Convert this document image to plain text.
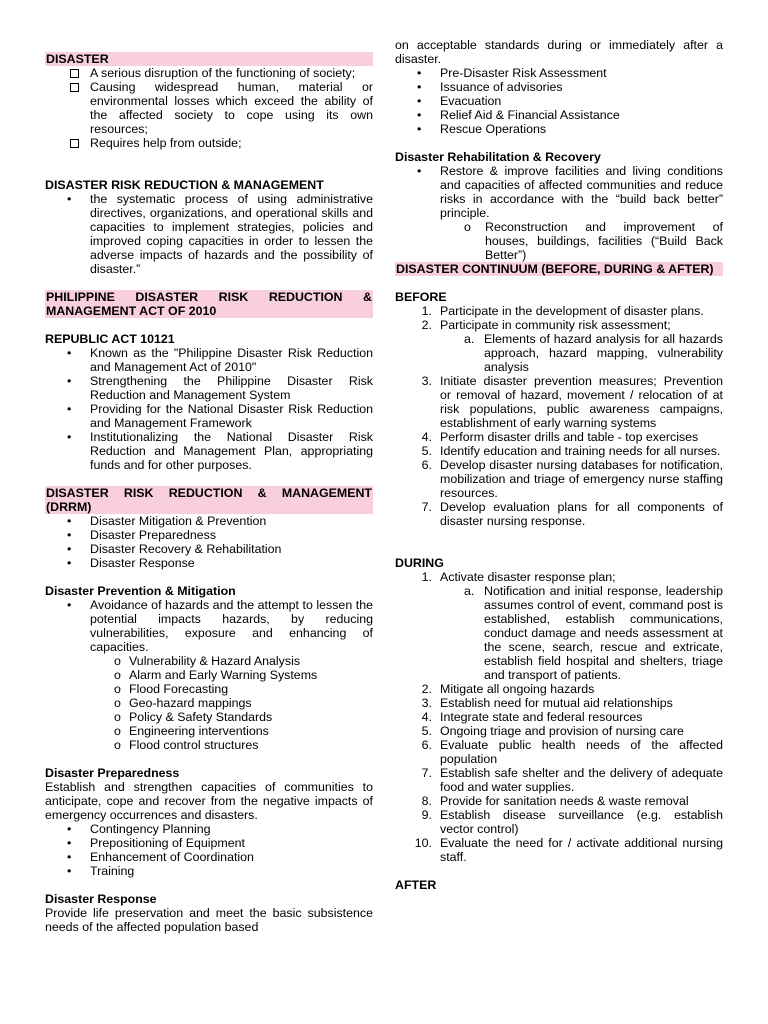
DISASTER
A serious disruption of the functioning of society;
Causing widespread human, material or environmental losses which exceed the ability of the affected society to cope using its own resources;
Requires help from outside;
DISASTER RISK REDUCTION & MANAGEMENT
• the systematic process of using administrative directives, organizations, and operational skills and capacities to implement strategies, policies and improved coping capacities in order to lessen the adverse impacts of hazards and the possibility of disaster.”
PHILIPPINE DISASTER RISK REDUCTION & MANAGEMENT ACT OF 2010
REPUBLIC ACT 10121
• Known as the "Philippine Disaster Risk Reduction and Management Act of 2010"
• Strengthening the Philippine Disaster Risk Reduction and Management System
• Providing for the National Disaster Risk Reduction and Management Framework
• Institutionalizing the National Disaster Risk Reduction and Management Plan, appropriating funds and for other purposes.
DISASTER RISK REDUCTION & MANAGEMENT (DRRM)
• Disaster Mitigation & Prevention
• Disaster Preparedness
• Disaster Recovery & Rehabilitation
• Disaster Response
Disaster Prevention & Mitigation
• Avoidance of hazards and the attempt to lessen the potential impacts hazards, by reducing vulnerabilities, exposure and enhancing of capacities.
o Vulnerability & Hazard Analysis
o Alarm and Early Warning Systems
o Flood Forecasting
o Geo-hazard mappings
o Policy & Safety Standards
o Engineering interventions
o Flood control structures
Disaster Preparedness
Establish and strengthen capacities of communities to anticipate, cope and recover from the negative impacts of emergency occurrences and disasters.
• Contingency Planning
• Prepositioning of Equipment
• Enhancement of Coordination
• Training
Disaster Response
Provide life preservation and meet the basic subsistence needs of the affected population based
on acceptable standards during or immediately after a disaster.
• Pre-Disaster Risk Assessment
• Issuance of advisories
• Evacuation
• Relief Aid & Financial Assistance
• Rescue Operations
Disaster Rehabilitation & Recovery
• Restore & improve facilities and living conditions and capacities of affected communities and reduce risks in accordance with the “build back better” principle.
o Reconstruction and improvement of houses, buildings, facilities (“Build Back Better”)
DISASTER CONTINUUM (BEFORE, DURING & AFTER)
BEFORE
1. Participate in the development of disaster plans.
2. Participate in community risk assessment;
a. Elements of hazard analysis for all hazards approach, hazard mapping, vulnerability analysis
3. Initiate disaster prevention measures; Prevention or removal of hazard, movement / relocation of at risk populations, public awareness campaigns, establishment of early warning systems
4. Perform disaster drills and table - top exercises
5. Identify education and training needs for all nurses.
6. Develop disaster nursing databases for notification, mobilization and triage of emergency nurse staffing resources.
7. Develop evaluation plans for all components of disaster nursing response.
DURING
1. Activate disaster response plan;
a. Notification and initial response, leadership assumes control of event, command post is established, establish communications, conduct damage and needs assessment at the scene, search, rescue and extricate, establish field hospital and shelters, triage and transport of patients.
2. Mitigate all ongoing hazards
3. Establish need for mutual aid relationships
4. Integrate state and federal resources
5. Ongoing triage and provision of nursing care
6. Evaluate public health needs of the affected population
7. Establish safe shelter and the delivery of adequate food and water supplies.
8. Provide for sanitation needs & waste removal
9. Establish disease surveillance (e.g. establish vector control)
10. Evaluate the need for / activate additional nursing staff.
AFTER
